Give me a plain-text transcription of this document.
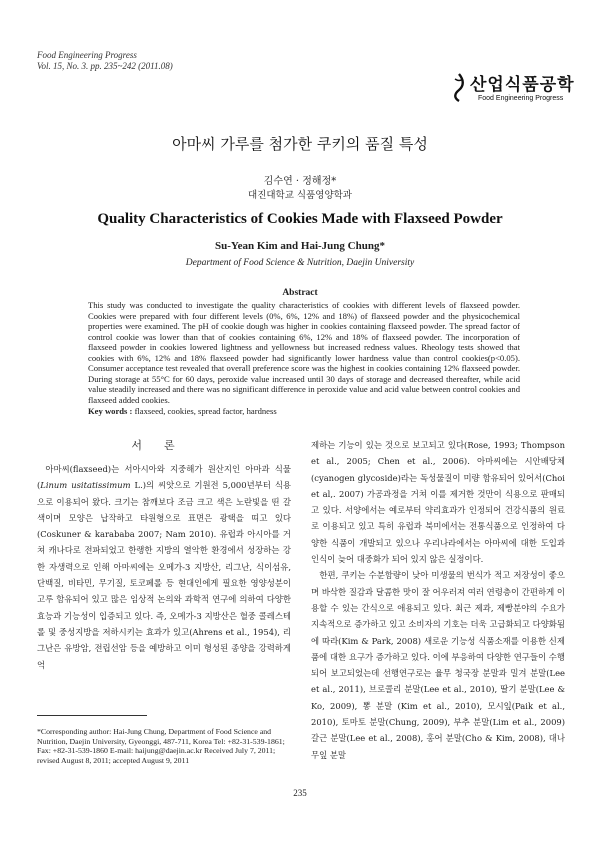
Food Engineering Progress
Vol. 15, No. 3. pp. 235~242 (2011.08)
산업식품공학
Food Engineering Progress
아마씨 가루를 첨가한 쿠키의 품질 특성
김수연 · 정해정*
대진대학교 식품영양학과
Quality Characteristics of Cookies Made with Flaxseed Powder
Su-Yean Kim and Hai-Jung Chung*
Department of Food Science & Nutrition, Daejin University
Abstract
This study was conducted to investigate the quality characteristics of cookies with different levels of flaxseed powder. Cookies were prepared with four different levels (0%, 6%, 12% and 18%) of flaxseed powder and the physicochemical properties were examined. The pH of cookie dough was higher in cookies containing flaxseed powder. The spread factor of control cookie was lower than that of cookies containing 6%, 12% and 18% of flaxseed powder. The incorporation of flaxseed powder in cookies lowered lightness and yellowness but increased redness values. Rheology tests showed that cookies with 6%, 12% and 18% flaxseed powder had significantly lower hardness value than control cookies(p<0.05). Consumer acceptance test revealed that overall preference score was the highest in cookies containing 12% flaxseed powder. During storage at 55°C for 60 days, peroxide value increased until 30 days of storage and decreased thereafter, while acid value steadily increased and there was no significant difference in peroxide value and acid value between control cookies and flaxseed added cookies.
Key words : flaxseed, cookies, spread factor, hardness
서론
아마씨(flaxseed)는 서아시아와 지중해가 원산지인 아마과 식물(Linum usitatissimum L.)의 씨앗으로 기원전 5,000년부터 식용으로 이용되어 왔다. 크기는 참깨보다 조금 크고 색은 노란빛을 띤 갈색이며 모양은 납작하고 타원형으로 표면은 광택을 띠고 있다(Coskuner & karababa 2007; Nam 2010). 유럽과 아시아를 거쳐 캐나다로 전파되었고 한랭한 지방의 열악한 환경에서 성장하는 강한 자생력으로 인해 아마씨에는 오메가-3 지방산, 리그난, 식이섬유, 단백질, 비타민, 무기질, 토코페롤 등 현대인에게 필요한 영양성분이 고루 함유되어 있고 많은 임상적 논의와 과학적 연구에 의하여 다양한 효능과 기능성이 입증되고 있다. 즉, 오메가-3 지방산은 혈중 콜레스테롤 및 중성지방을 저하시키는 효과가 있고(Ahrens et al., 1954), 리그난은 유방암, 전립선암 등을 예방하고 이미 형성된 종양을 강력하게 억
제하는 기능이 있는 것으로 보고되고 있다(Rose, 1993; Thompson et al., 2005; Chen et al., 2006). 아마씨에는 시안배당체(cyanogen glycoside)라는 독성물질이 미량 함유되어 있어서(Choi et al,. 2007) 가공과정을 거쳐 이를 제거한 것만이 식용으로 판매되고 있다. 서양에서는 예로부터 약리효과가 인정되어 건강식품의 원료로 이용되고 있고 특히 유럽과 북미에서는 전통식품으로 인정하여 다양한 식품이 개발되고 있으나 우리나라에서는 아마씨에 대한 도입과 인식이 늦어 대중화가 되어 있지 않은 실정이다.
한편, 쿠키는 수분함량이 낮아 미생물의 번식가 적고 저장성이 좋으며 바삭한 질감과 달콤한 맛이 잘 어우러져 여러 연령층이 간편하게 이용할 수 있는 간식으로 애용되고 있다. 최근 제과, 제빵분야의 수요가 지속적으로 증가하고 있고 소비자의 기호는 더욱 고급화되고 다양화됨에 따라(Kim & Park, 2008) 새로운 기능성 식품소재를 이용한 신제품에 대한 요구가 증가하고 있다. 이에 부응하여 다양한 연구들이 수행되어 보고되었는데 선행연구로는 율무 청국장 분말과 밀겨 분말(Lee et al., 2011), 브로콜리 분말(Lee et al., 2010), 딸기 분말(Lee & Ko, 2009), 뽕 분말 (Kim et al., 2010), 모시잎(Paik et al., 2010), 토마토 분말(Chung, 2009), 부추 분말(Lim et al., 2009) 갈근 분말(Lee et al., 2008), 홍어 분말(Cho & Kim, 2008), 대나무잎 분말
*Corresponding author: Hai-Jung Chung, Department of Food Science and Nutrition, Daejin University, Gyeonggi, 487-711, Korea Tel: +82-31-539-1861; Fax: +82-31-539-1860 E-mail: haijung@daejin.ac.kr Received July 7, 2011; revised August 8, 2011; accepted August 9, 2011
235
